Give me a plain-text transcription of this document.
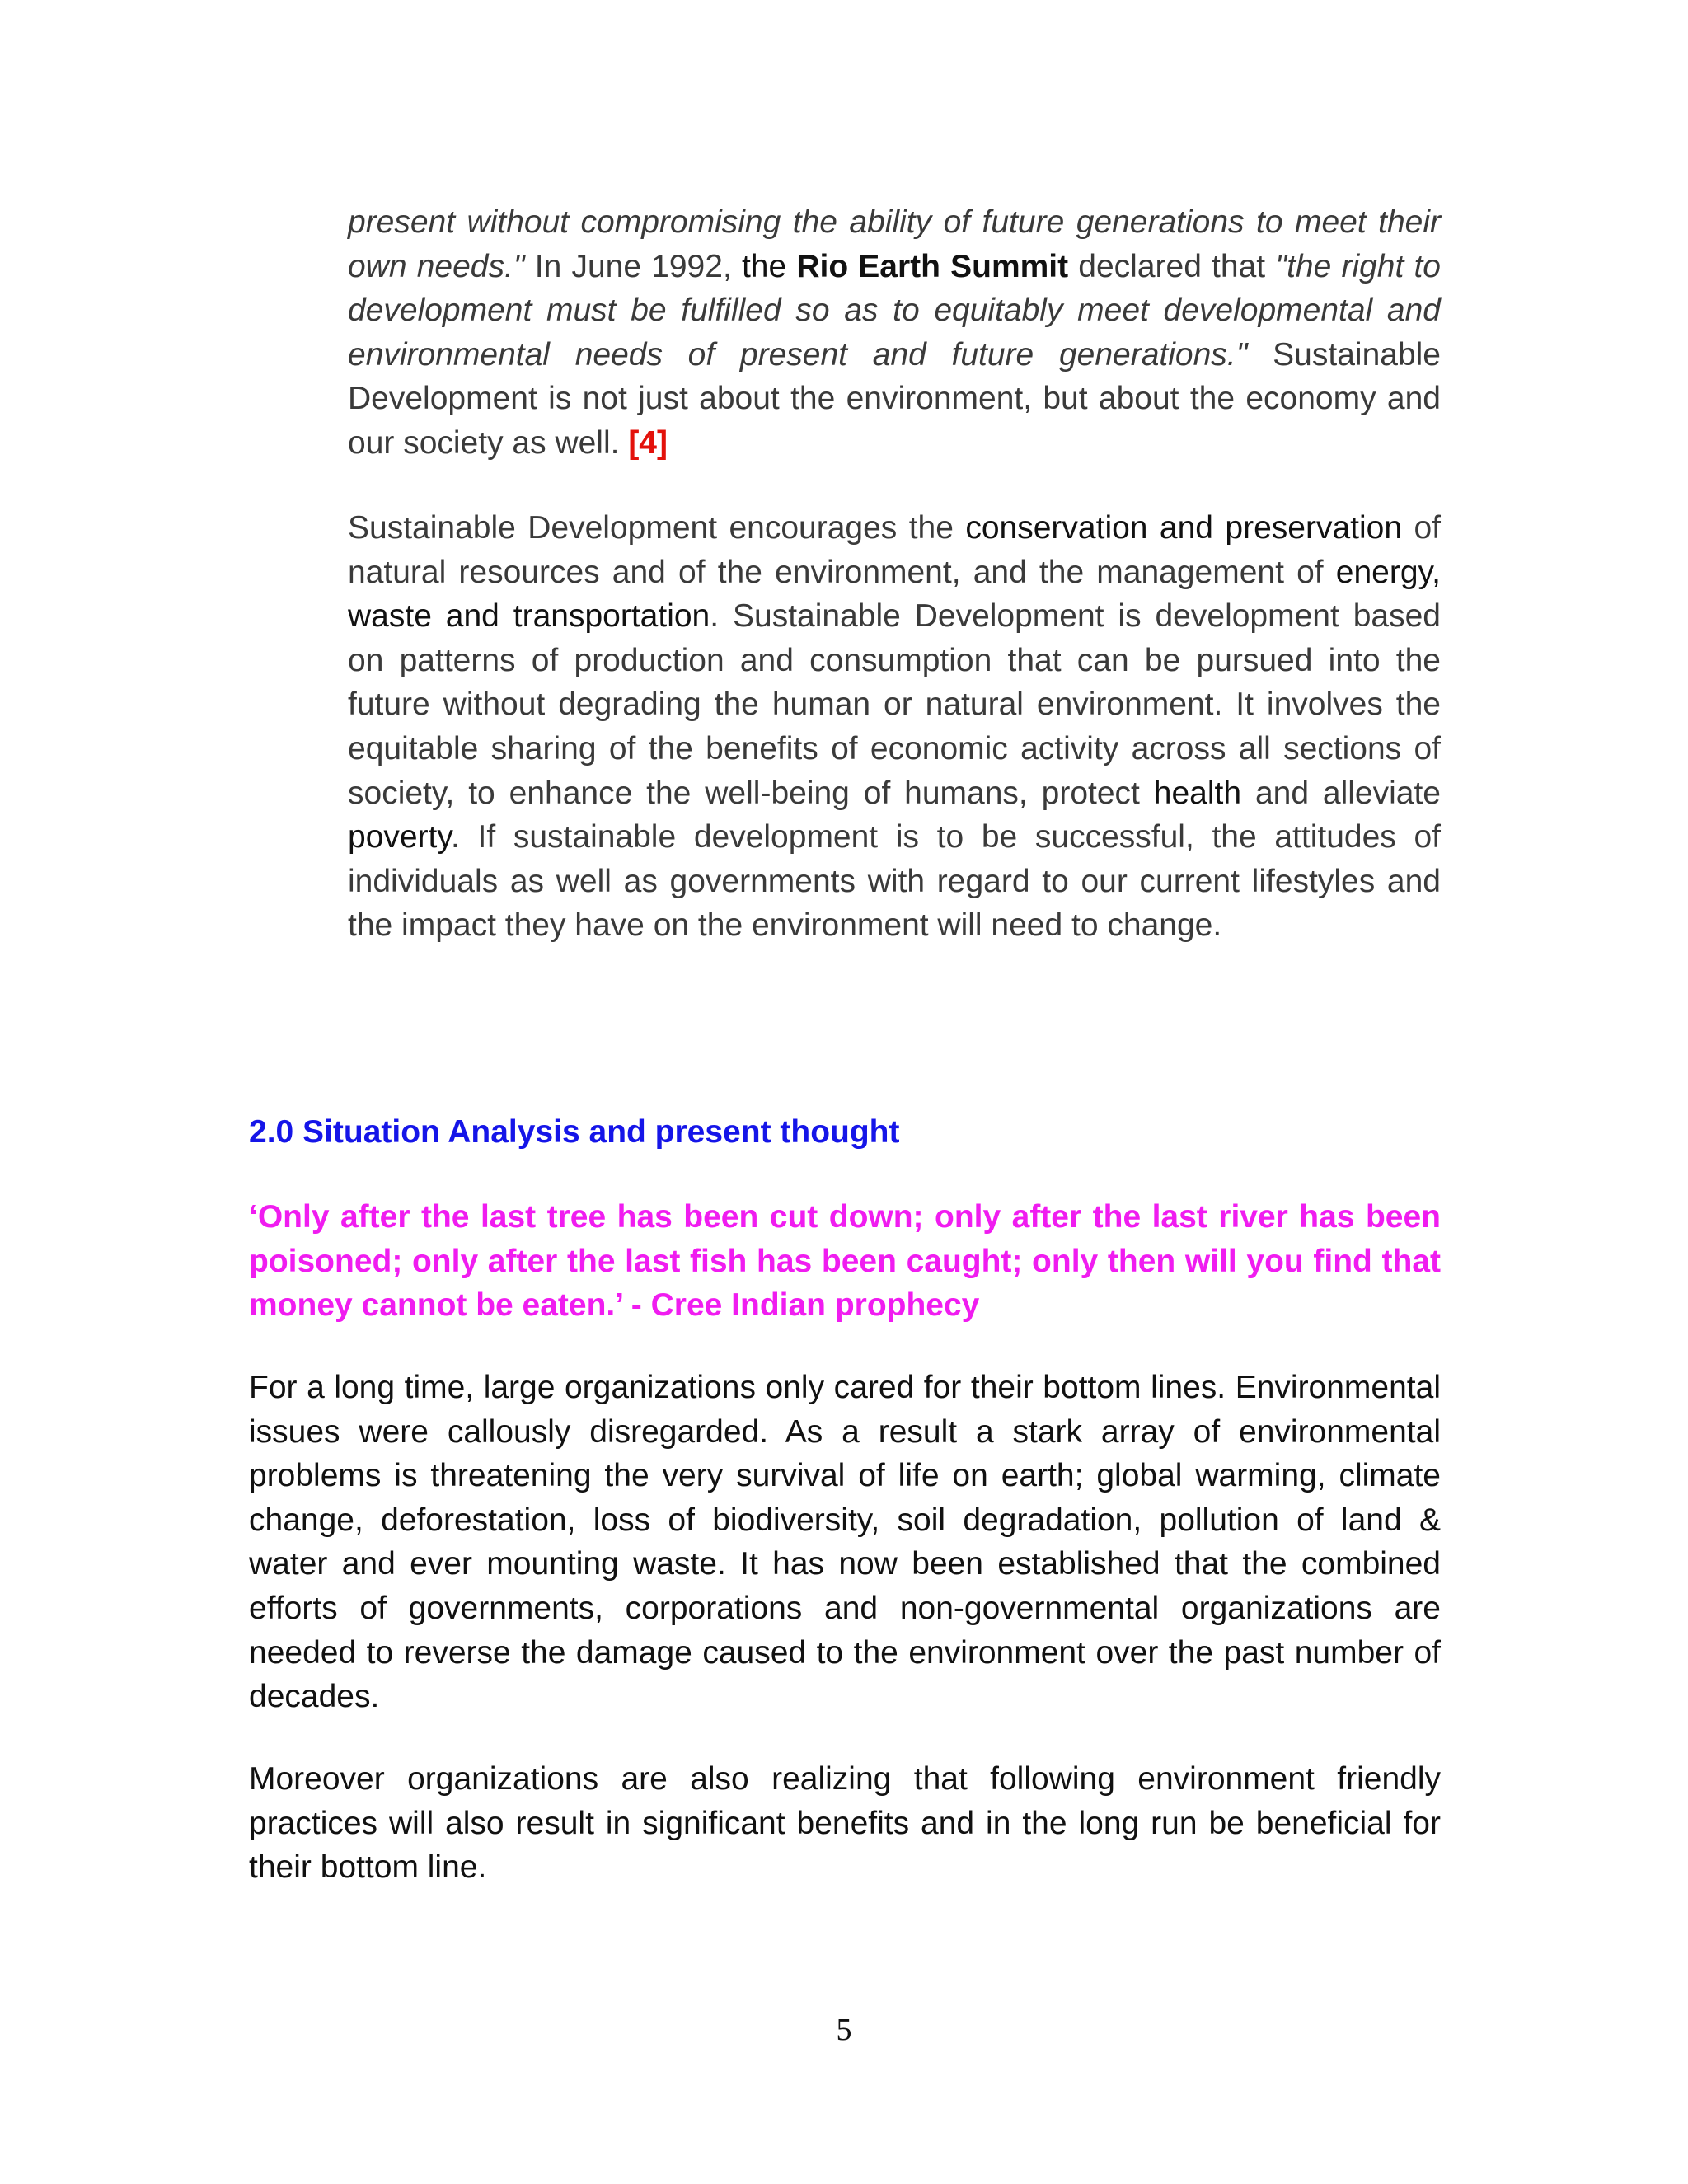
present without compromising the ability of future generations to meet their own needs." In June 1992, the Rio Earth Summit declared that "the right to development must be fulfilled so as to equitably meet developmental and environmental needs of present and future generations." Sustainable Development is not just about the environment, but about the economy and our society as well. [4]

Sustainable Development encourages the conservation and preservation of natural resources and of the environment, and the management of energy, waste and transportation. Sustainable Development is development based on patterns of production and consumption that can be pursued into the future without degrading the human or natural environment. It involves the equitable sharing of the benefits of economic activity across all sections of society, to enhance the well-being of humans, protect health and alleviate poverty. If sustainable development is to be successful, the attitudes of individuals as well as governments with regard to our current lifestyles and the impact they have on the environment will need to change.

2.0 Situation Analysis and present thought

‘Only after the last tree has been cut down; only after the last river has been poisoned; only after the last fish has been caught; only then will you find that money cannot be eaten.’ - Cree Indian prophecy

For a long time, large organizations only cared for their bottom lines. Environmental issues were callously disregarded. As a result a stark array of environmental problems is threatening the very survival of life on earth; global warming, climate change, deforestation, loss of biodiversity, soil degradation, pollution of land & water and ever mounting waste. It has now been established that the combined efforts of governments, corporations and non-governmental organizations are needed to reverse the damage caused to the environment over the past number of decades.

Moreover organizations are also realizing that following environment friendly practices will also result in significant benefits and in the long run be beneficial for their bottom line.

5
